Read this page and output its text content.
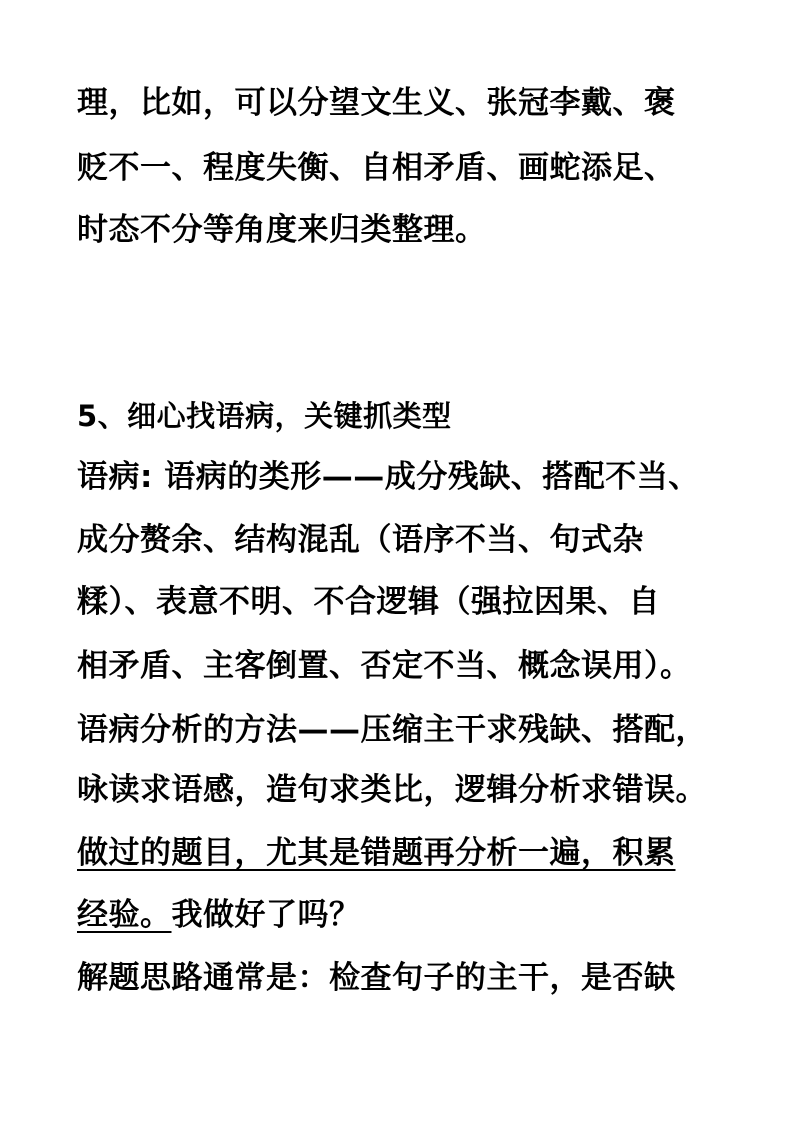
理，比如，可以分望文生义、张冠李戴、褒
贬不一、程度失衡、自相矛盾、画蛇添足、
时态不分等角度来归类整理。
5、细心找语病，关键抓类型
语病: 语病的类形——成分残缺、搭配不当、
成分赘余、结构混乱（语序不当、句式杂
糅）、表意不明、不合逻辑（强拉因果、自
相矛盾、主客倒置、否定不当、概念误用）。
语病分析的方法——压缩主干求残缺、搭配，
咏读求语感，造句求类比，逻辑分析求错误。
做过的题目，尤其是错题再分析一遍，积累
经验。我做好了吗？
解题思路通常是：检查句子的主干，是否缺
